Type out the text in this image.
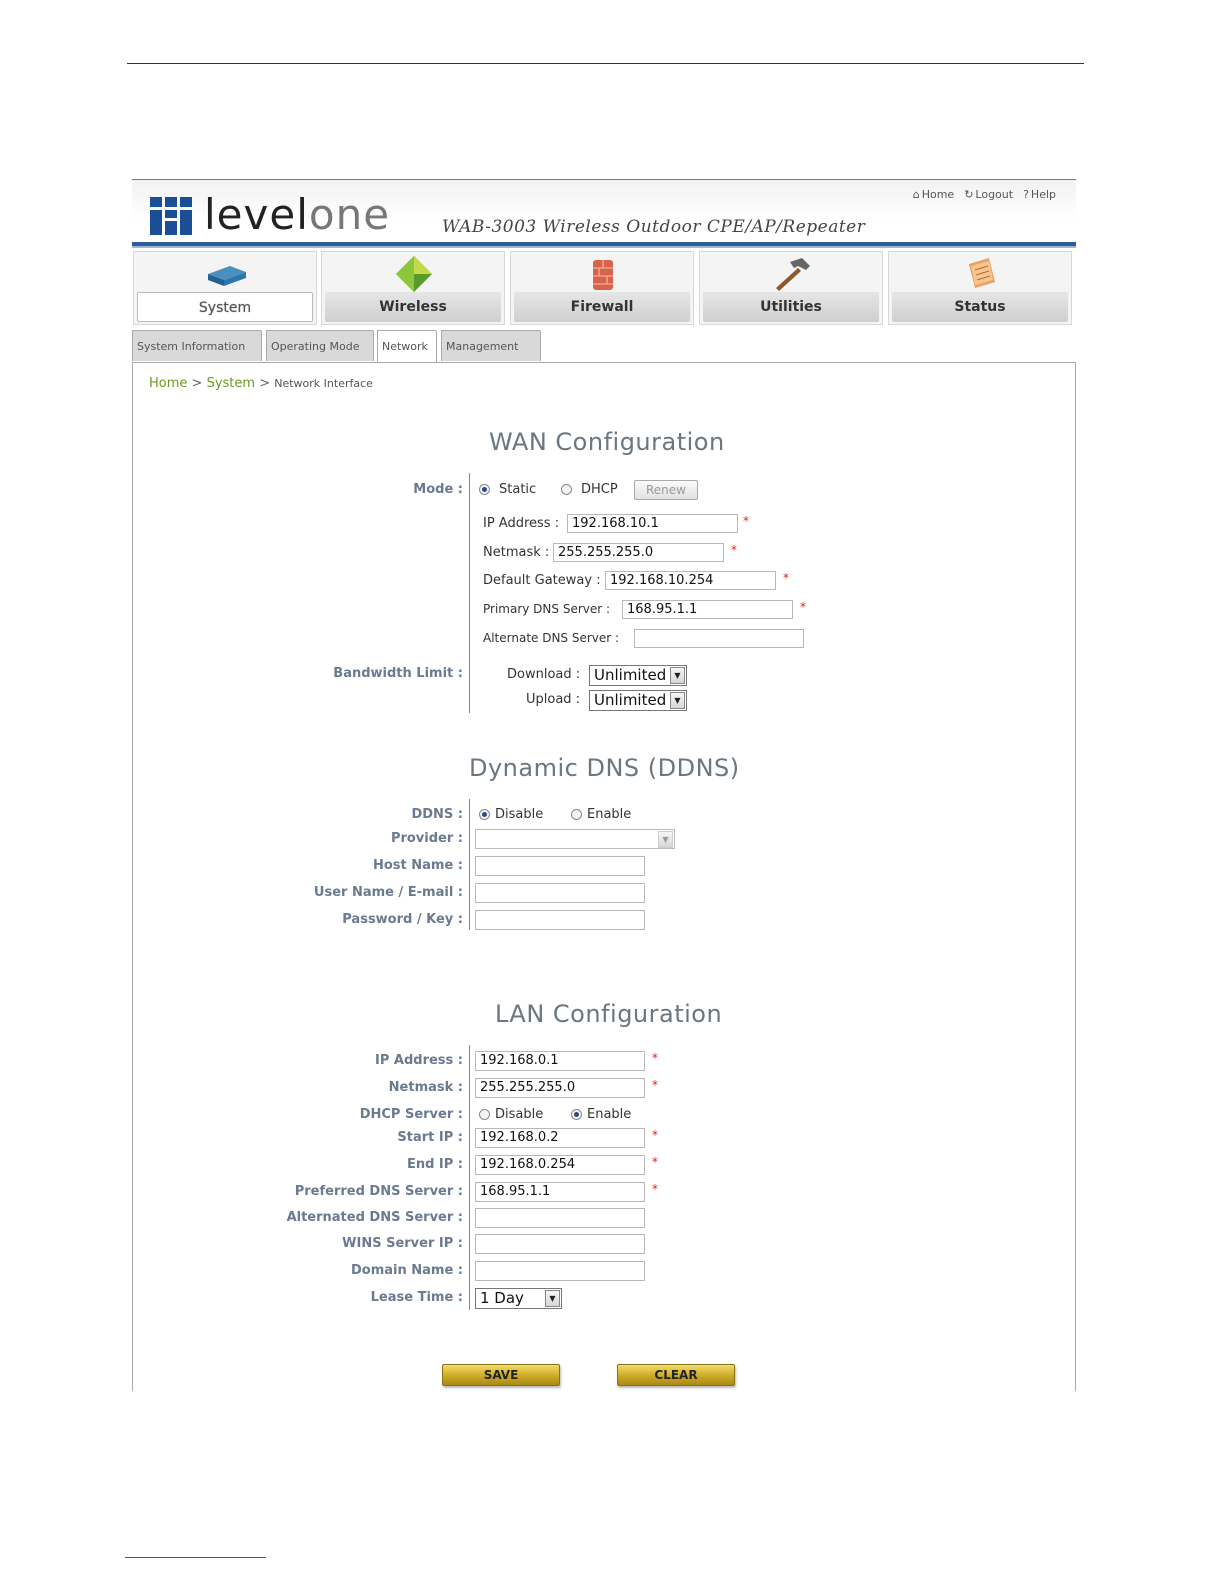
levelone	WAB-3003 Wireless Outdoor CPE/AP/Repeater
⌂ Home ↻ Logout ? Help
System	Wireless	Firewall	Utilities	Status
System Information	Operating Mode	Network	Management
Home > System > Network Interface
WAN Configuration
Mode :	Static	DHCP	Renew
IP Address : 192.168.10.1	*
Netmask : 255.255.255.0	*
Default Gateway : 192.168.10.254	*
Primary DNS Server :	168.95.1.1	*
Alternate DNS Server :
Bandwidth Limit :	Download : Unlimited	▼
Upload : Unlimited	▼
Dynamic DNS (DDNS)
DDNS : Disable	Enable
Provider :	▼
Host Name :
User Name / E-mail :
Password / Key :
LAN Configuration
IP Address :	192.168.0.1	*
Netmask :	255.255.255.0	*
DHCP Server : Disable	Enable
Start IP :	192.168.0.2	*
End IP :	192.168.0.254	*
Preferred DNS Server :	168.95.1.1	*
Alternated DNS Server :
WINS Server IP :
Domain Name :
Lease Time :	1 Day	▼
SAVE	CLEAR
